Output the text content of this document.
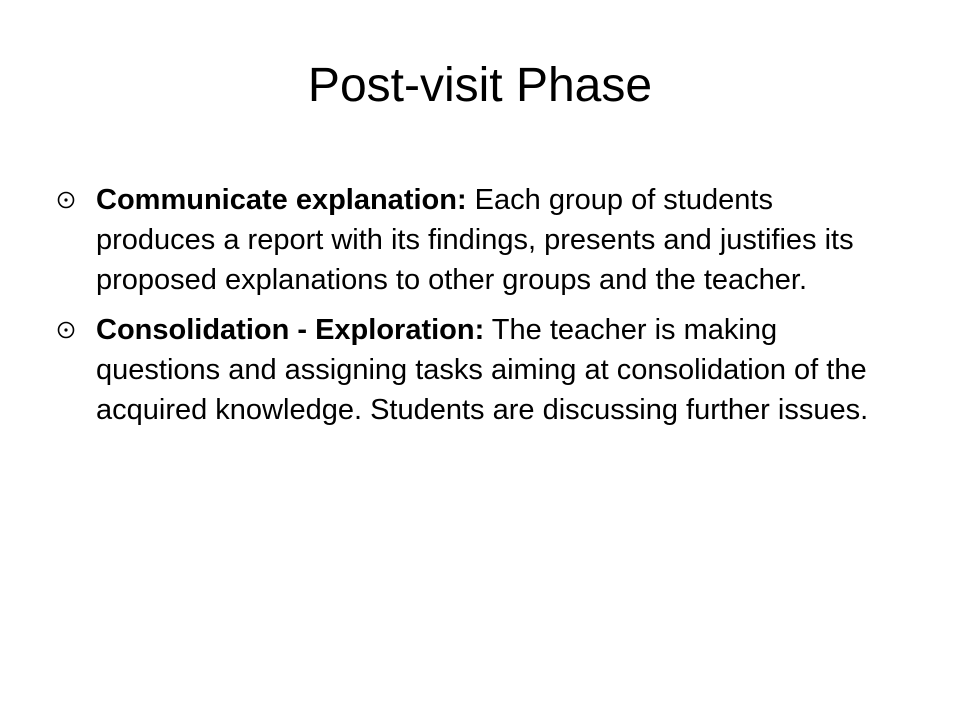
Post-visit Phase
Communicate explanation: Each group of students produces a report with its findings, presents and justifies its proposed explanations to other groups and the teacher.
Consolidation - Exploration: The teacher is making questions and assigning tasks aiming at consolidation of the acquired knowledge. Students are discussing further issues.
